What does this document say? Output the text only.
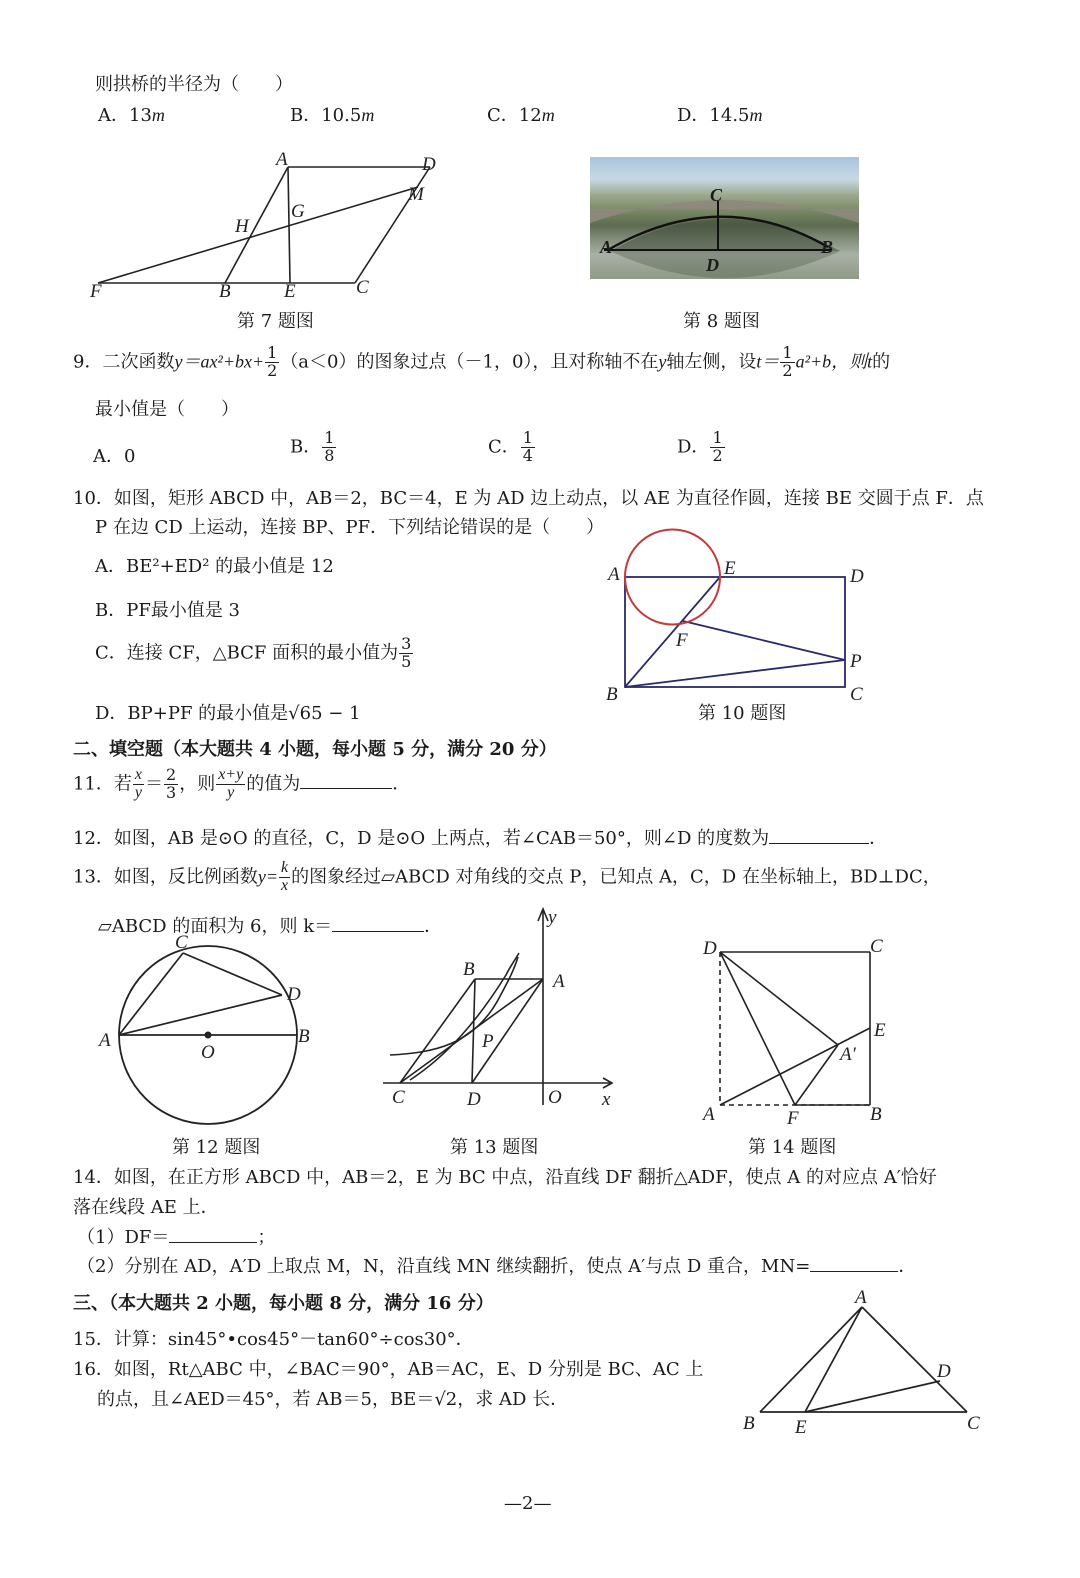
则拱桥的半径为（　　）
A．13m	B．10.5m	C．12m	D．14.5m
A	D
M
H
G
F	B	E	C
第 7 题图
A	B
C
D
第 8 题图
9．二次函数$y=ax^2+bx+ \frac{1}{2} (a<0)$的图象过点（－1，0），且对称轴不在y轴左侧，设$t= \frac{1}{2} a^2+b$，则t的
最小值是（　　）
A．0	B． $\frac{1}{8}$	C． $\frac{1}{4}$	D． $\frac{1}{2}$
10．如图，矩形 ABCD 中，AB＝2，BC＝4，E 为 AD 边上动点，以 AE 为直径作圆，连接 BE 交圆于点 F．点
P 在边 CD 上运动，连接 BP、PF．下列结论错误的是（　　）
A．BE²+ED² 的最小值是 12
B．PF最小值是 3
C．连接 CF，△BCF 面积的最小值为 $\frac{3}{5}$
D．BP+PF 的最小值是√65 − 1
A	E	D
F
P
B	C
第 10 题图
二、填空题（本大题共 4 小题，每小题 5 分，满分 20 分）
11．若 $\frac{x}{y} = \frac{2}{3}$ ，则 $\frac{x+y}{y}$ 的值为	．
12．如图，AB 是⊙O 的直径，C，D 是⊙O 上两点，若∠CAB＝50°，则∠D 的度数为	．
13．如图，反比例函数$y= \frac{k}{x}$ 的图象经过▱ABCD 对角线的交点 P，已知点 A，C，D 在坐标轴上，BD⊥DC，
▱ABCD 的面积为 6，则 k＝	．
C
D
A
O
B
第 12 题图
y
B
A
P
C	D	O x
第 13 题图
D	C
E
A′
A	F	B
第 14 题图
14．如图，在正方形 ABCD 中，AB＝2，E 为 BC 中点，沿直线 DF 翻折△ADF，使点 A 的对应点 A′恰好
落在线段 AE 上．
（1）DF＝	；
（2）分别在 AD，A′D 上取点 M，N，沿直线 MN 继续翻折，使点 A′与点 D 重合，MN=	．
三、（本大题共 2 小题，每小题 8 分，满分 16 分）
15．计算：sin45°•cos45°－tan60°÷cos30°．
16．如图，Rt△ABC 中，∠BAC＝90°，AB＝AC，E、D 分别是 BC、AC 上
的点，且∠AED＝45°，若 AB＝5，BE＝√2，求 AD 长．
A
D
B E	C
—2—
